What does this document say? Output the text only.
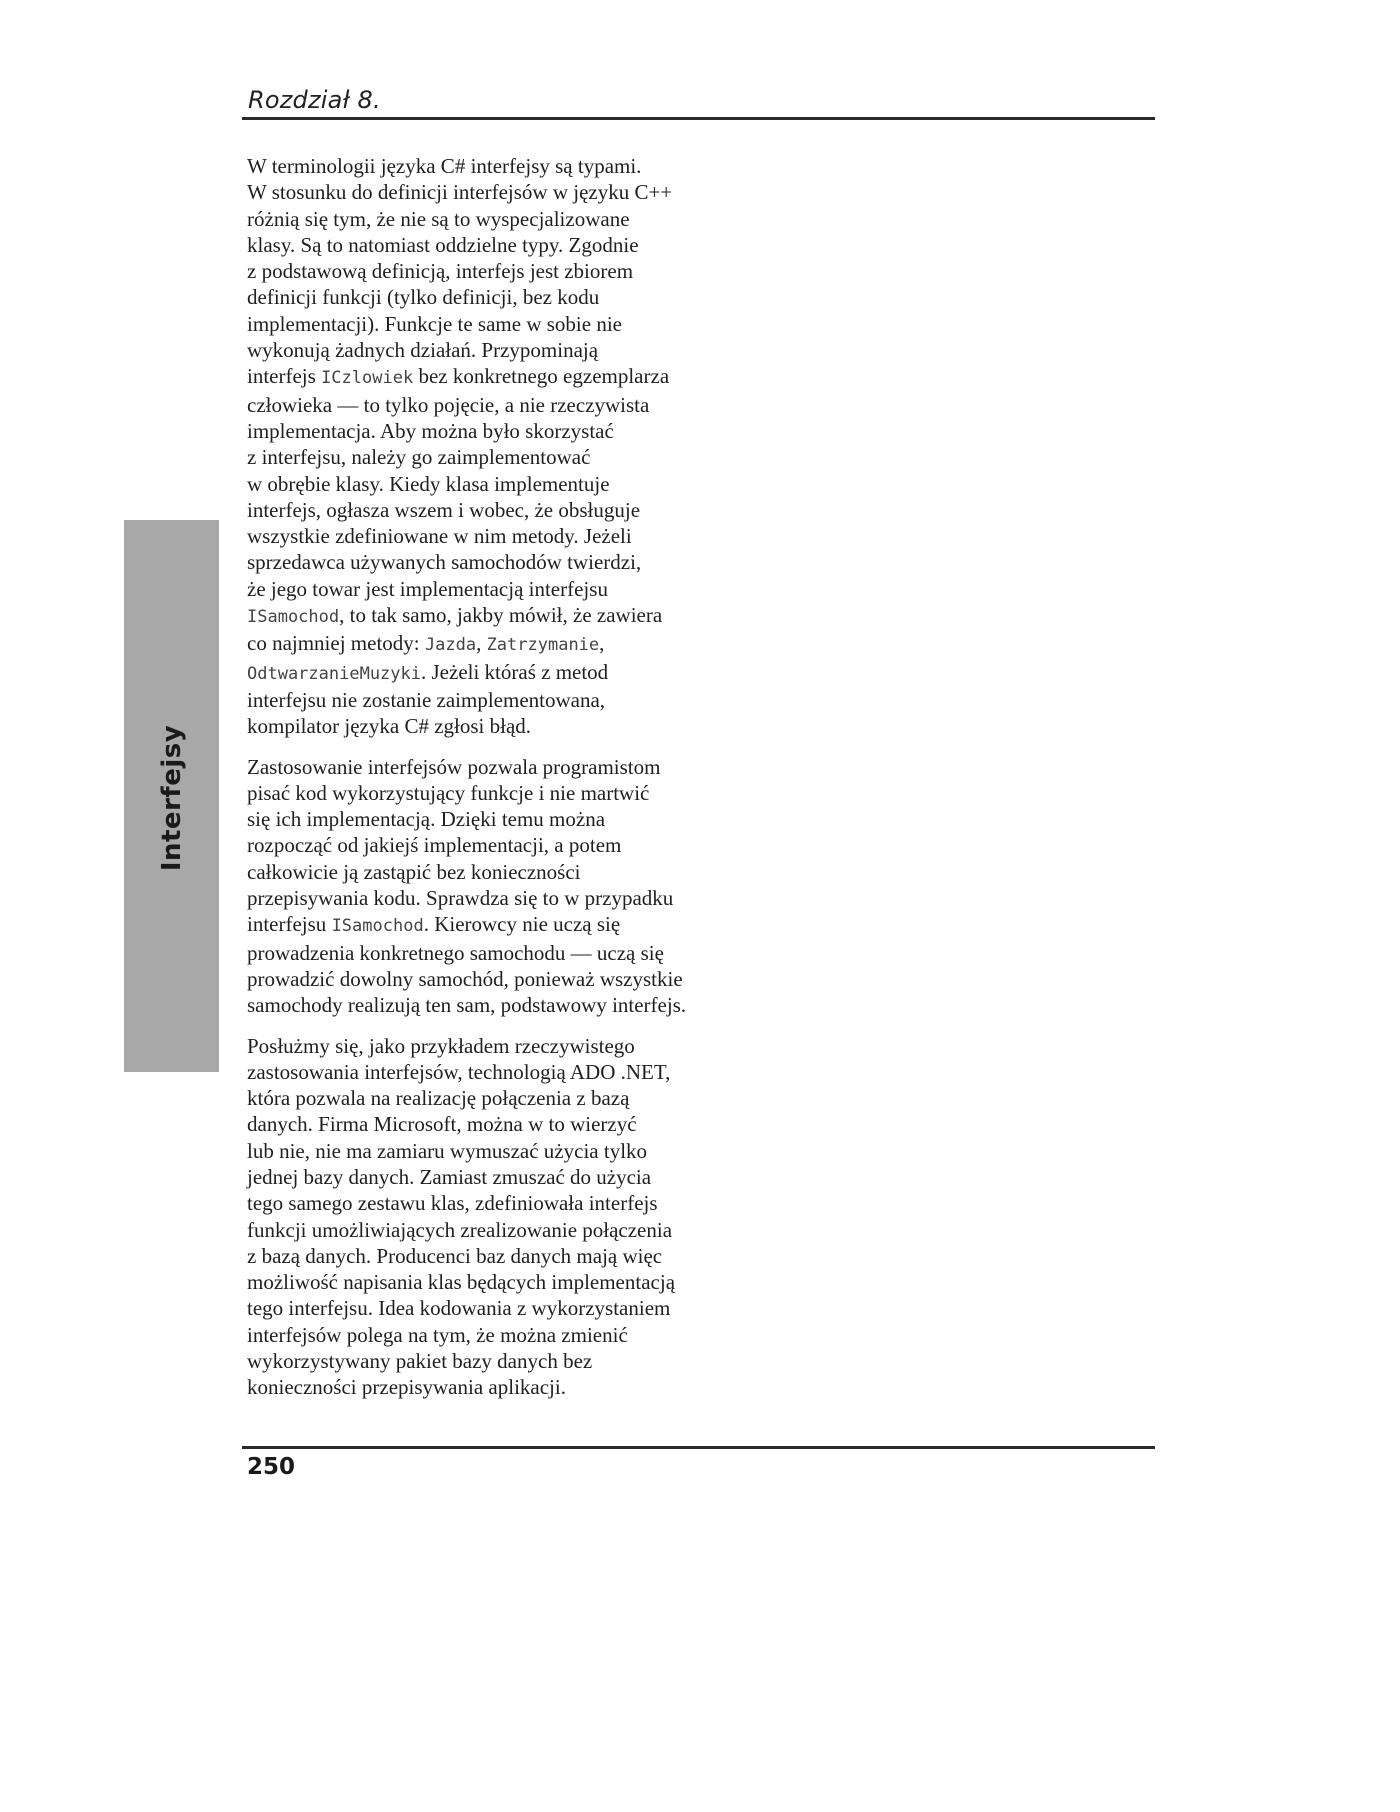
Rozdział 8.
Interfejsy
W terminologii języka C# interfejsy są typami.
W stosunku do definicji interfejsów w języku C++
różnią się tym, że nie są to wyspecjalizowane
klasy. Są to natomiast oddzielne typy. Zgodnie
z podstawową definicją, interfejs jest zbiorem
definicji funkcji (tylko definicji, bez kodu
implementacji). Funkcje te same w sobie nie
wykonują żadnych działań. Przypominają
interfejs ICzlowiek bez konkretnego egzemplarza
człowieka — to tylko pojęcie, a nie rzeczywista
implementacja. Aby można było skorzystać
z interfejsu, należy go zaimplementować
w obrębie klasy. Kiedy klasa implementuje
interfejs, ogłasza wszem i wobec, że obsługuje
wszystkie zdefiniowane w nim metody. Jeżeli
sprzedawca używanych samochodów twierdzi,
że jego towar jest implementacją interfejsu
ISamochod, to tak samo, jakby mówił, że zawiera
co najmniej metody: Jazda, Zatrzymanie,
OdtwarzanieMuzyki. Jeżeli któraś z metod
interfejsu nie zostanie zaimplementowana,
kompilator języka C# zgłosi błąd.
Zastosowanie interfejsów pozwala programistom
pisać kod wykorzystujący funkcje i nie martwić
się ich implementacją. Dzięki temu można
rozpocząć od jakiejś implementacji, a potem
całkowicie ją zastąpić bez konieczności
przepisywania kodu. Sprawdza się to w przypadku
interfejsu ISamochod. Kierowcy nie uczą się
prowadzenia konkretnego samochodu — uczą się
prowadzić dowolny samochód, ponieważ wszystkie
samochody realizują ten sam, podstawowy interfejs.
Posłużmy się, jako przykładem rzeczywistego
zastosowania interfejsów, technologią ADO .NET,
która pozwala na realizację połączenia z bazą
danych. Firma Microsoft, można w to wierzyć
lub nie, nie ma zamiaru wymuszać użycia tylko
jednej bazy danych. Zamiast zmuszać do użycia
tego samego zestawu klas, zdefiniowała interfejs
funkcji umożliwiających zrealizowanie połączenia
z bazą danych. Producenci baz danych mają więc
możliwość napisania klas będących implementacją
tego interfejsu. Idea kodowania z wykorzystaniem
interfejsów polega na tym, że można zmienić
wykorzystywany pakiet bazy danych bez
konieczności przepisywania aplikacji.
250
